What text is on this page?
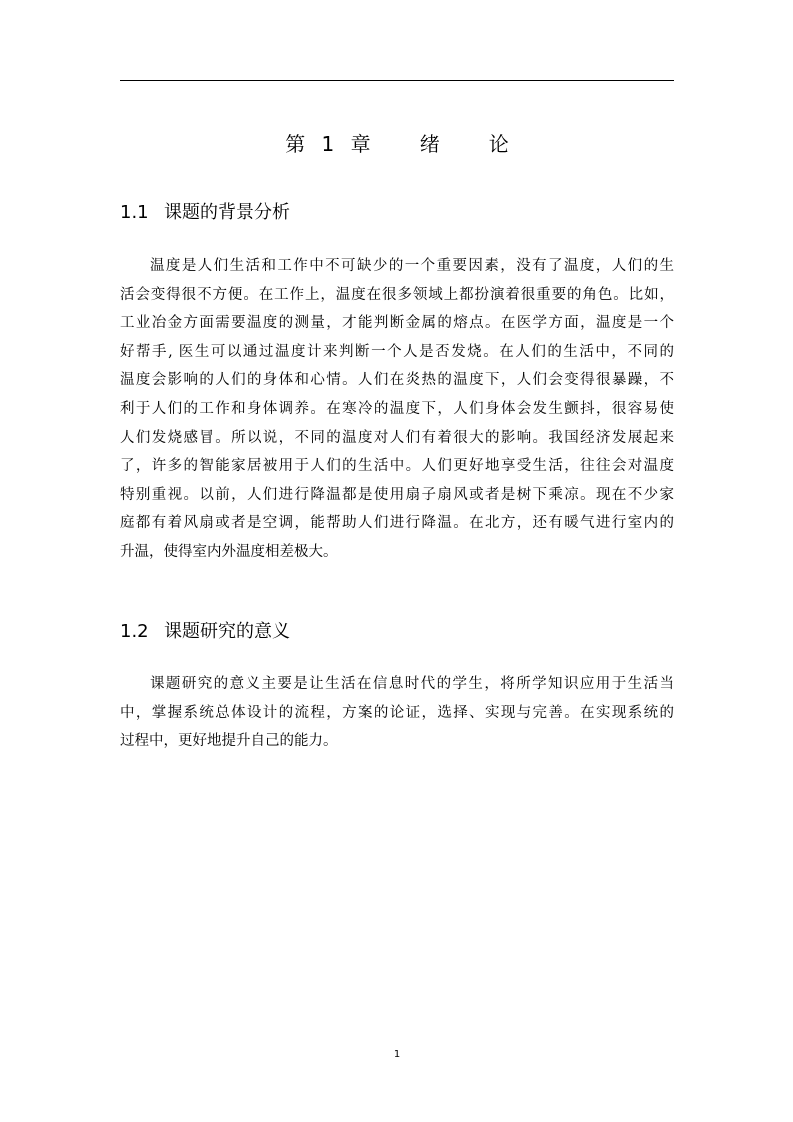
第 1 章   绪   论
1.1 课题的背景分析
温度是人们生活和工作中不可缺少的一个重要因素，没有了温度，人们的生
活会变得很不方便。在工作上，温度在很多领域上都扮演着很重要的角色。比如，
工业冶金方面需要温度的测量，才能判断金属的熔点。在医学方面，温度是一个
好帮手, 医生可以通过温度计来判断一个人是否发烧。在人们的生活中，不同的
温度会影响的人们的身体和心情。人们在炎热的温度下，人们会变得很暴躁，不
利于人们的工作和身体调养。在寒冷的温度下，人们身体会发生颤抖，很容易使
人们发烧感冒。所以说，不同的温度对人们有着很大的影响。我国经济发展起来
了，许多的智能家居被用于人们的生活中。人们更好地享受生活，往往会对温度
特别重视。以前，人们进行降温都是使用扇子扇风或者是树下乘凉。现在不少家
庭都有着风扇或者是空调，能帮助人们进行降温。在北方，还有暖气进行室内的
升温，使得室内外温度相差极大。
1.2 课题研究的意义
课题研究的意义主要是让生活在信息时代的学生，将所学知识应用于生活当
中，掌握系统总体设计的流程，方案的论证，选择、实现与完善。在实现系统的
过程中，更好地提升自己的能力。
1
